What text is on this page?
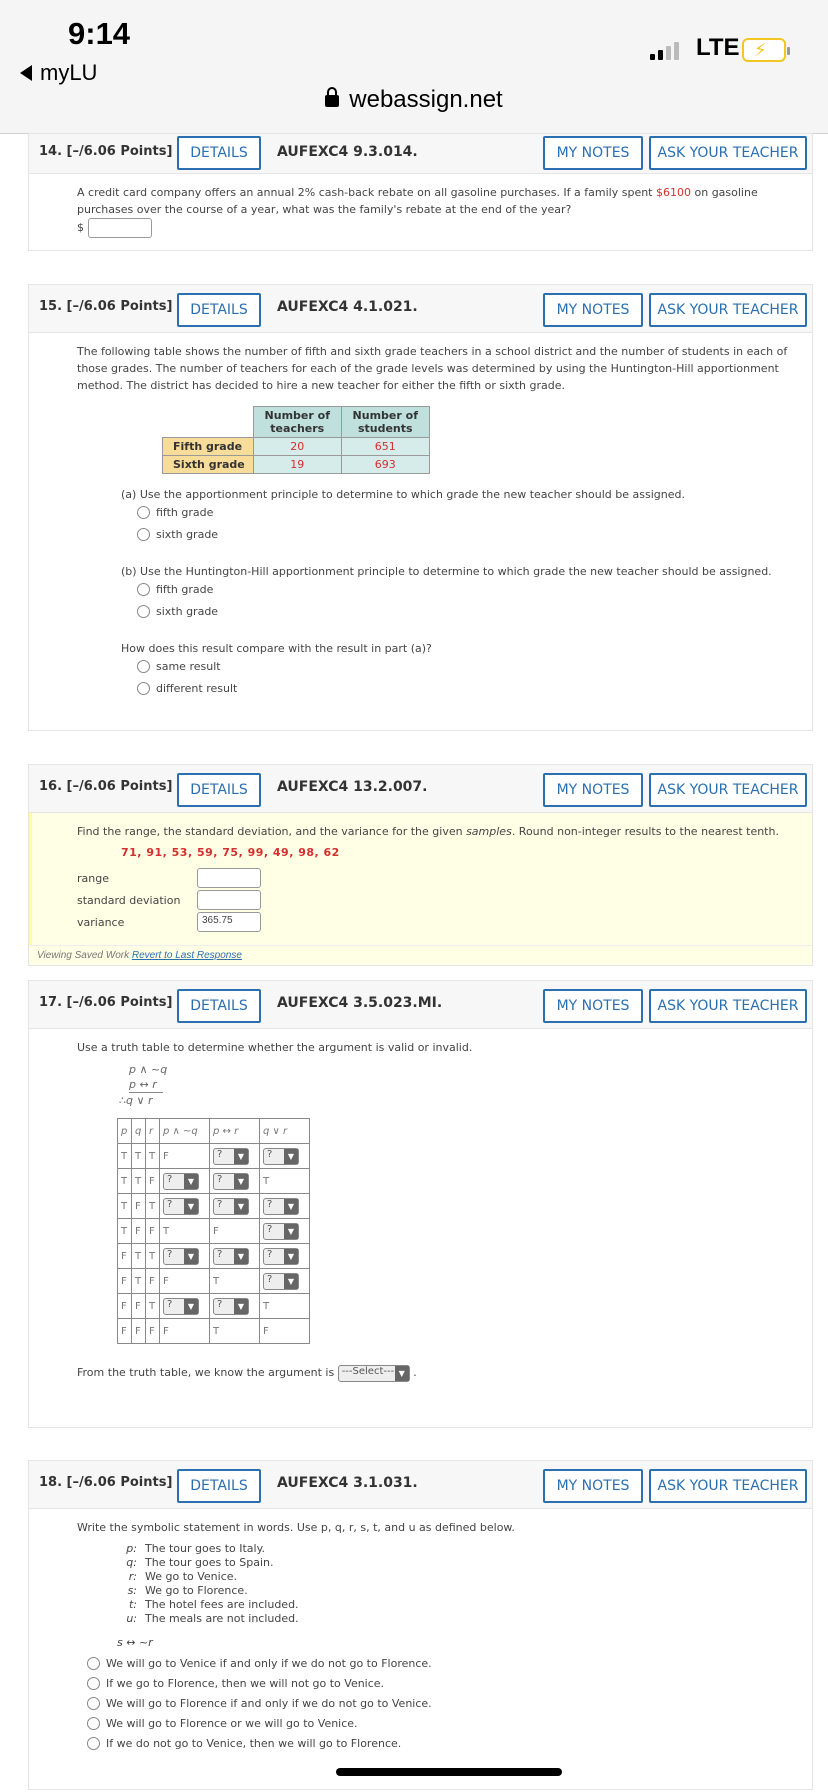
9:14
myLU
LTE ⚡
webassign.net
14. [–/6.06 Points]	DETAILS	AUFEXC4 9.3.014.	MY NOTES	ASK YOUR TEACHER

A credit card company offers an annual 2% cash-back rebate on all gasoline purchases. If a family spent $6100 on gasoline purchases over the course of a year, what was the family's rebate at the end of the year?

$

15. [–/6.06 Points]	DETAILS	AUFEXC4 4.1.021.	MY NOTES	ASK YOUR TEACHER

The following table shows the number of fifth and sixth grade teachers in a school district and the number of students in each of those grades. The number of teachers for each of the grade levels was determined by using the Huntington-Hill apportionment method. The district has decided to hire a new teacher for either the fifth or sixth grade.

	Number of teachers	Number of students
Fifth grade	20	651
Sixth grade	19	693

(a) Use the apportionment principle to determine to which grade the new teacher should be assigned.

fifth grade
sixth grade

(b) Use the Huntington-Hill apportionment principle to determine to which grade the new teacher should be assigned.

fifth grade
sixth grade

How does this result compare with the result in part (a)?

same result
different result
16. [–/6.06 Points]	DETAILS	AUFEXC4 13.2.007.	MY NOTES	ASK YOUR TEACHER

Find the range, the standard deviation, and the variance for the given samples. Round non-integer results to the nearest tenth.

71, 91, 53, 59, 75, 99, 49, 98, 62

range
standard deviation
variance	365.75
Viewing Saved Work Revert to Last Response
17. [–/6.06 Points]	DETAILS	AUFEXC4 3.5.023.MI.	MY NOTES	ASK YOUR TEACHER

Use a truth table to determine whether the argument is valid or invalid.

p ∧ ~q
p ↔ r
∴q ∨ r
p	q	r	p ∧ ~q	p ↔ r	q ∨ r
T	T	T	F	? ▼	? ▼
T	T	F	? ▼	? ▼	T
T	F	T	? ▼	? ▼	? ▼
T	F	F	T	F	? ▼
F	T	T	? ▼	? ▼	? ▼
F	T	F	F	T	? ▼
F	F	T	? ▼	? ▼	T
F	F	F	F	T	F

From the truth table, we know the argument is ---Select--- ▼ .

18. [–/6.06 Points]	DETAILS	AUFEXC4 3.1.031.	MY NOTES	ASK YOUR TEACHER

Write the symbolic statement in words. Use p, q, r, s, t, and u as defined below.

p: The tour goes to Italy.
q: The tour goes to Spain.
r: We go to Venice.
s: We go to Florence.
t: The hotel fees are included.
u: The meals are not included.

s ↔ ~r

We will go to Venice if and only if we do not go to Florence.
If we go to Florence, then we will not go to Venice.
We will go to Florence if and only if we do not go to Venice.
We will go to Florence or we will go to Venice.
If we do not go to Venice, then we will go to Florence.
